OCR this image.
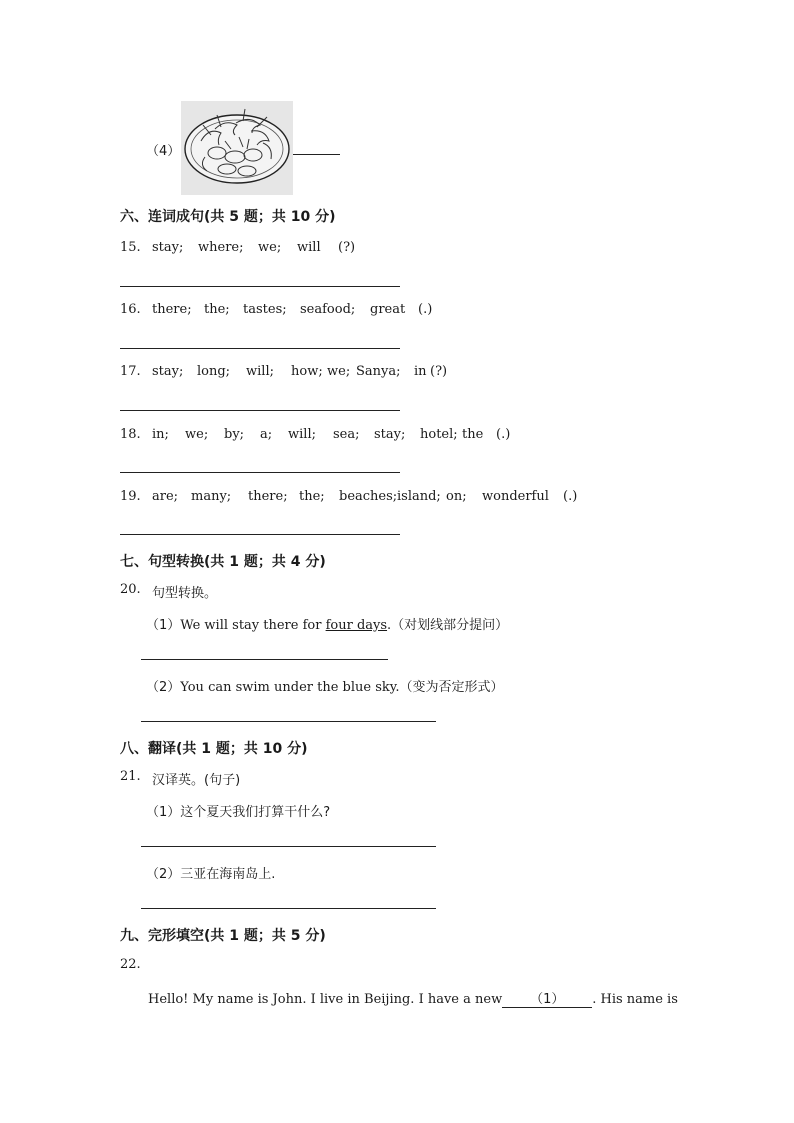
（4）
六、连词成句(共 5 题；共 10 分)
15. stay; where; we; will (?)
16. there; the; tastes; seafood; great (.)
17. stay; long; will; how; we; Sanya; in (?)
18. in; we; by; a; will; sea; stay; hotel; the (.)
19. are; many; there; the; beaches; island; on; wonderful (.)
七、句型转换(共 1 题；共 4 分)
20. 句型转换。
（1）We will stay there for four days.（对划线部分提问）
（2）You can swim under the blue sky.（变为否定形式）
八、翻译(共 1 题；共 10 分)
21. 汉译英。(句子)
（1）这个夏天我们打算干什么?
（2）三亚在海南岛上.
九、完形填空(共 1 题；共 5 分)
22.
Hello! My name is John. I live in Beijing. I have a new （1） . His name is
